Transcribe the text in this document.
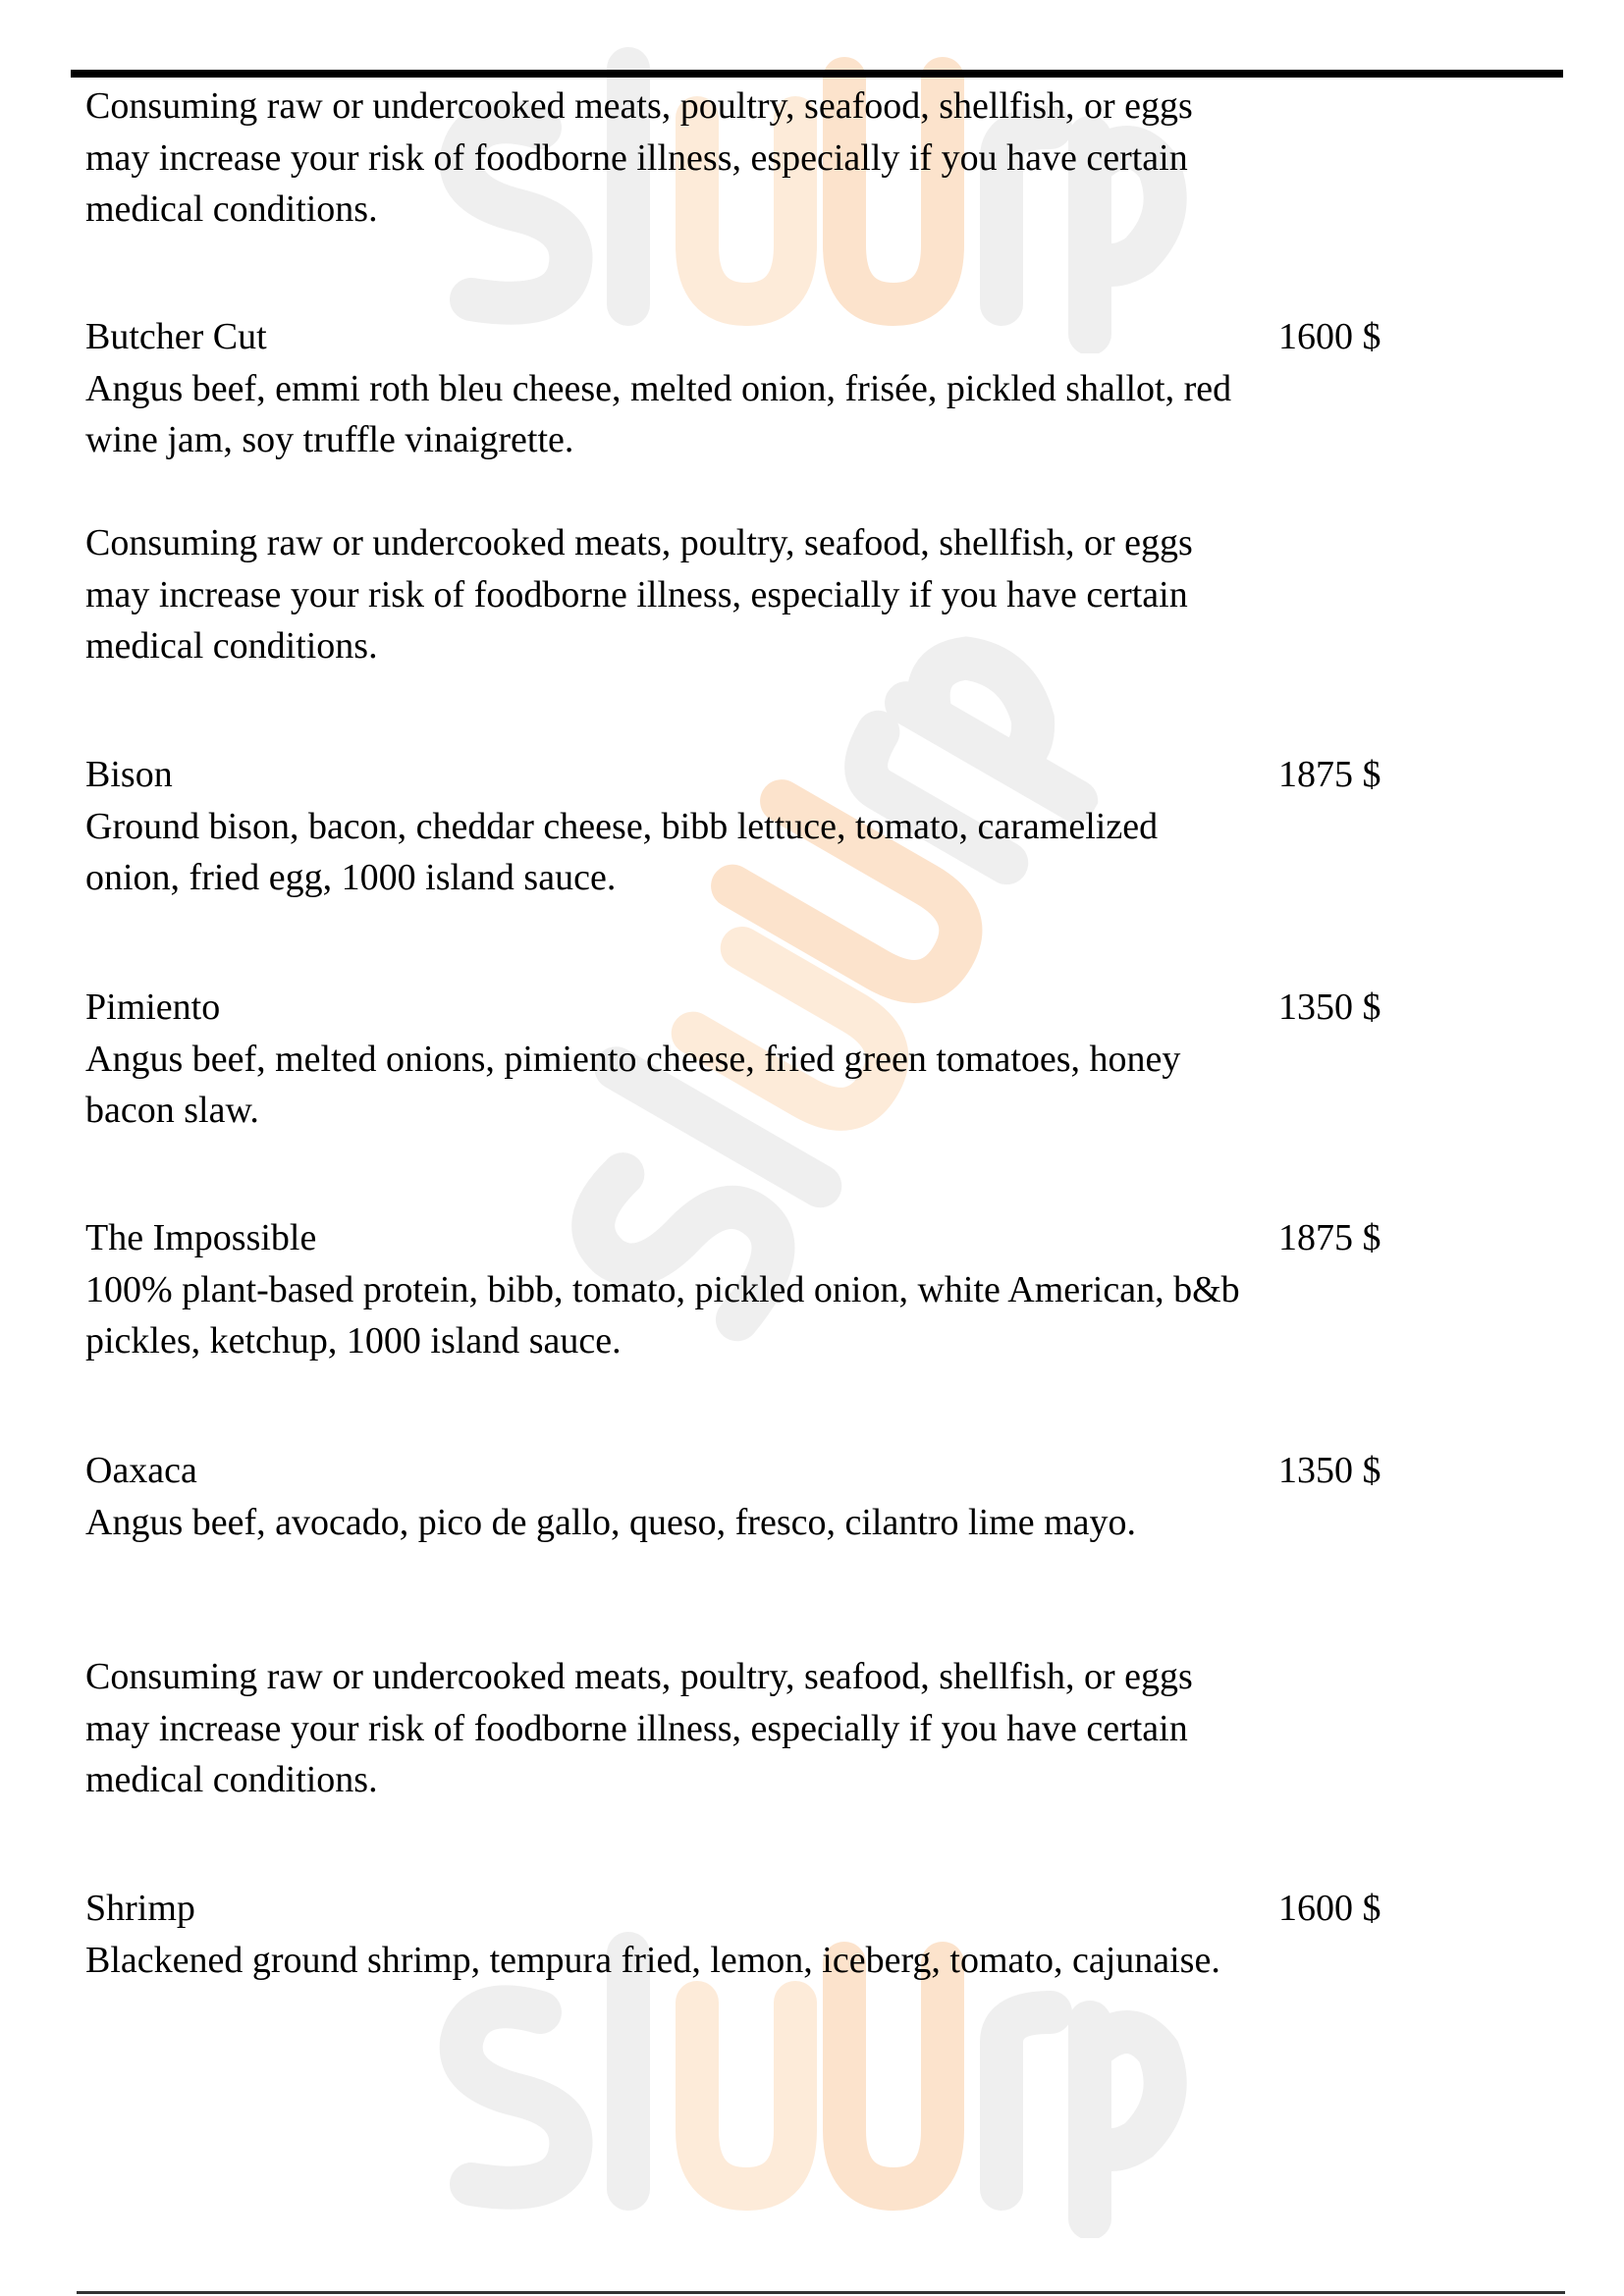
Consuming raw or undercooked meats, poultry, seafood, shellfish, or eggs may increase your risk of foodborne illness, especially if you have certain medical conditions.

Butcher Cut

Angus beef, emmi roth bleu cheese, melted onion, frisée, pickled shallot, red wine jam, soy truffle vinaigrette.

1600 $

Consuming raw or undercooked meats, poultry, seafood, shellfish, or eggs may increase your risk of foodborne illness, especially if you have certain medical conditions.

Bison

Ground bison, bacon, cheddar cheese, bibb lettuce, tomato, caramelized onion, fried egg, 1000 island sauce.

1875 $

Pimiento

Angus beef, melted onions, pimiento cheese, fried green tomatoes, honey bacon slaw.

1350 $

The Impossible

100% plant-based protein, bibb, tomato, pickled onion, white American, b&b pickles, ketchup, 1000 island sauce.

1875 $

Oaxaca

Angus beef, avocado, pico de gallo, queso, fresco, cilantro lime mayo.

1350 $

Consuming raw or undercooked meats, poultry, seafood, shellfish, or eggs may increase your risk of foodborne illness, especially if you have certain medical conditions.

Shrimp

Blackened ground shrimp, tempura fried, lemon, iceberg, tomato, cajunaise.

1600 $
